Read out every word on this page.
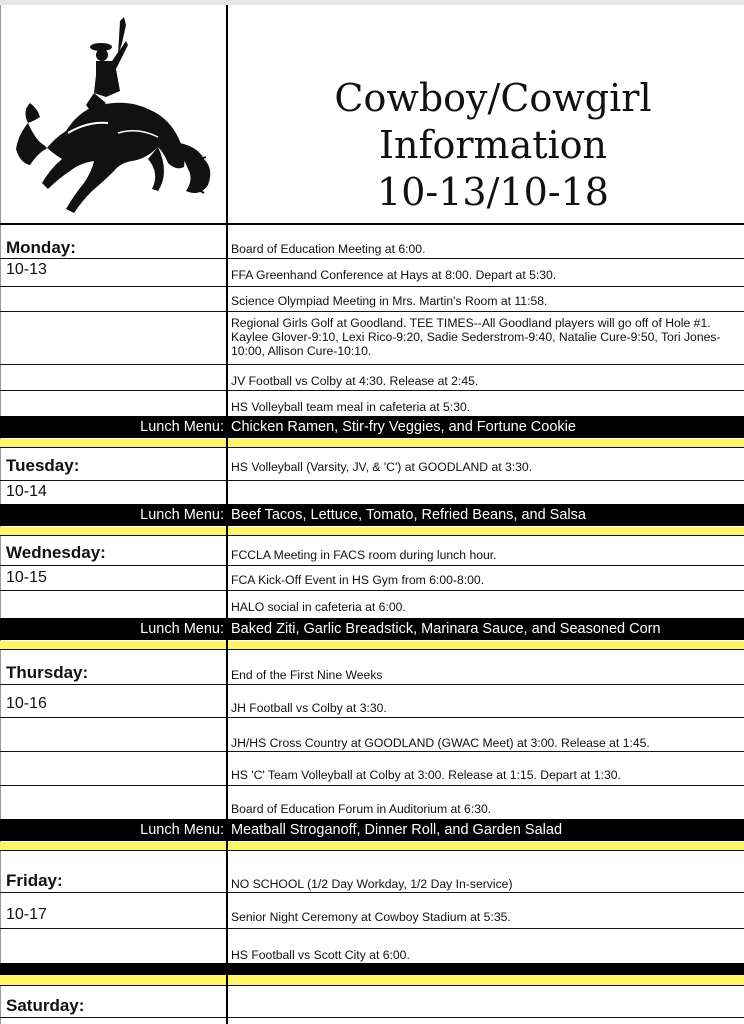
Cowboy/Cowgirl
Information
10-13/10-18
Monday:	Board of Education Meeting at 6:00.
10-13	FFA Greenhand Conference at Hays at 8:00. Depart at 5:30.
Science Olympiad Meeting in Mrs. Martin's Room at 11:58.
Regional Girls Golf at Goodland. TEE TIMES--All Goodland players will go off of Hole #1. Kaylee Glover-9:10, Lexi Rico-9:20, Sadie Sederstrom-9:40, Natalie Cure-9:50, Tori Jones-10:00, Allison Cure-10:10.
JV Football vs Colby at 4:30. Release at 2:45.
HS Volleyball team meal in cafeteria at 5:30.
Lunch Menu: Chicken Ramen, Stir-fry Veggies, and Fortune Cookie
Tuesday:	HS Volleyball (Varsity, JV, & 'C') at GOODLAND at 3:30.
10-14
Lunch Menu: Beef Tacos, Lettuce, Tomato, Refried Beans, and Salsa
Wednesday:	FCCLA Meeting in FACS room during lunch hour.
10-15	FCA Kick-Off Event in HS Gym from 6:00-8:00.
HALO social in cafeteria at 6:00.
Lunch Menu: Baked Ziti, Garlic Breadstick, Marinara Sauce, and Seasoned Corn
Thursday:	End of the First Nine Weeks
10-16	JH Football vs Colby at 3:30.
JH/HS Cross Country at GOODLAND (GWAC Meet) at 3:00. Release at 1:45.
HS 'C' Team Volleyball at Colby at 3:00. Release at 1:15. Depart at 1:30.
Board of Education Forum in Auditorium at 6:30.
Lunch Menu: Meatball Stroganoff, Dinner Roll, and Garden Salad
Friday:	NO SCHOOL (1/2 Day Workday, 1/2 Day In-service)
10-17	Senior Night Ceremony at Cowboy Stadium at 5:35.
HS Football vs Scott City at 6:00.
Saturday:
